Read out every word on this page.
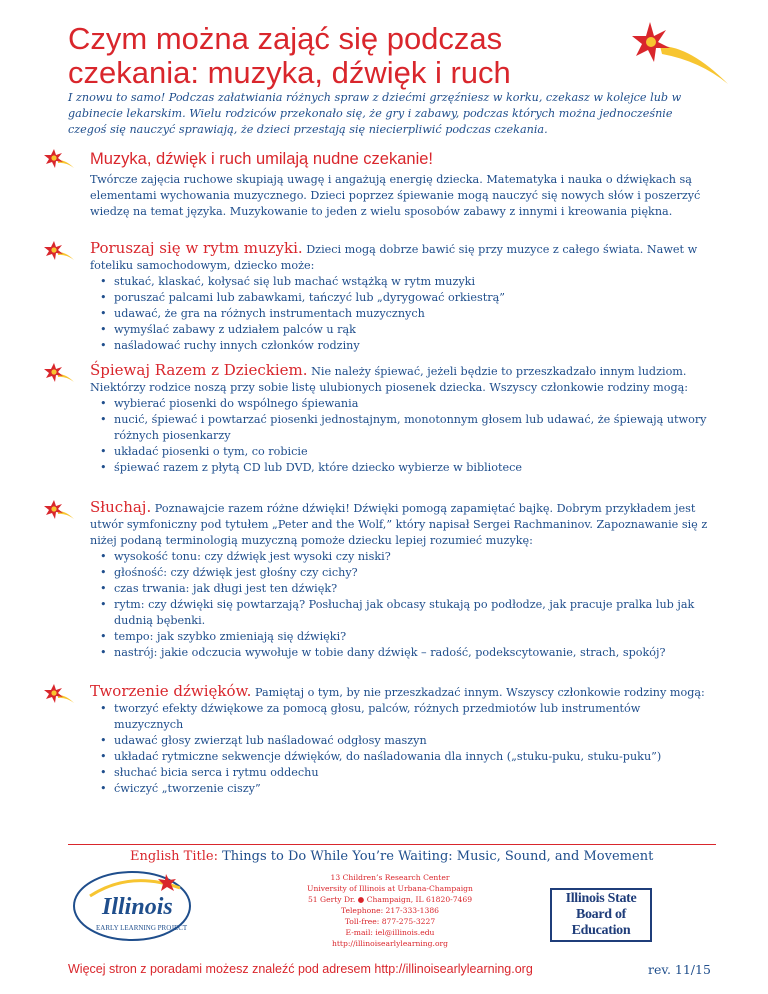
Czym można zająć się podczas czekania: muzyka, dźwięk i ruch
I znowu to samo! Podczas załatwiania różnych spraw z dziećmi grzęźniesz w korku, czekasz w kolejce lub w gabinecie lekarskim. Wielu rodziców przekonało się, że gry i zabawy, podczas których można jednocześnie czegoś się nauczyć sprawiają, że dzieci przestają się niecierpliwić podczas czekania.
Muzyka, dźwięk i ruch umilają nudne czekanie!
Twórcze zajęcia ruchowe skupiają uwagę i angażują energię dziecka. Matematyka i nauka o dźwiękach są elementami wychowania muzycznego. Dzieci poprzez śpiewanie mogą nauczyć się nowych słów i poszerzyć wiedzę na temat języka. Muzykowanie to jeden z wielu sposobów zabawy z innymi i kreowania piękna.
Poruszaj się w rytm muzyki. Dzieci mogą dobrze bawić się przy muzyce z całego świata. Nawet w foteliku samochodowym, dziecko może:
• stukać, klaskać, kołysać się lub machać wstążką w rytm muzyki
• poruszać palcami lub zabawkami, tańczyć lub „dyrygować orkiestrą”
• udawać, że gra na różnych instrumentach muzycznych
• wymyślać zabawy z udziałem palców u rąk
• naśladować ruchy innych członków rodziny
Śpiewaj Razem z Dzieckiem. Nie należy śpiewać, jeżeli będzie to przeszkadzało innym ludziom. Niektórzy rodzice noszą przy sobie listę ulubionych piosenek dziecka. Wszyscy członkowie rodziny mogą:
• wybierać piosenki do wspólnego śpiewania
• nucić, śpiewać i powtarzać piosenki jednostajnym, monotonnym głosem lub udawać, że śpiewają utwory różnych piosenkarzy
• układać piosenki o tym, co robicie
• śpiewać razem z płytą CD lub DVD, które dziecko wybierze w bibliotece
Słuchaj. Poznawajcie razem różne dźwięki! Dźwięki pomogą zapamiętać bajkę. Dobrym przykładem jest utwór symfoniczny pod tytułem „Peter and the Wolf,” który napisał Sergei Rachmaninov. Zapoznawanie się z niżej podaną terminologią muzyczną pomoże dziecku lepiej rozumieć muzykę:
• wysokość tonu: czy dźwięk jest wysoki czy niski?
• głośność: czy dźwięk jest głośny czy cichy?
• czas trwania: jak długi jest ten dźwięk?
• rytm: czy dźwięki się powtarzają? Posłuchaj jak obcasy stukają po podłodze, jak pracuje pralka lub jak dudnią bębenki.
• tempo: jak szybko zmieniają się dźwięki?
• nastrój: jakie odczucia wywołuje w tobie dany dźwięk – radość, podekscytowanie, strach, spokój?
Tworzenie dźwięków. Pamiętaj o tym, by nie przeszkadzać innym. Wszyscy członkowie rodziny mogą:
• tworzyć efekty dźwiękowe za pomocą głosu, palców, różnych przedmiotów lub instrumentów muzycznych
• udawać głosy zwierząt lub naśladować odgłosy maszyn
• układać rytmiczne sekwencje dźwięków, do naśladowania dla innych („stuku-puku, stuku-puku”)
• słuchać bicia serca i rytmu oddechu
• ćwiczyć „tworzenie ciszy”
English Title: Things to Do While You’re Waiting: Music, Sound, and Movement
Illinois
EARLY LEARNING PROJECT
13 Children’s Research Center
University of Illinois at Urbana-Champaign
51 Gerty Dr. ● Champaign, IL 61820-7469
Telephone: 217-333-1386
Toll-free: 877-275-3227
E-mail: iel@illinois.edu
http://illinoisearlylearning.org
Illinois State
Board of Education
Więcej stron z poradami możesz znaleźć pod adresem http://illinoisearlylearning.org	rev. 11/15
